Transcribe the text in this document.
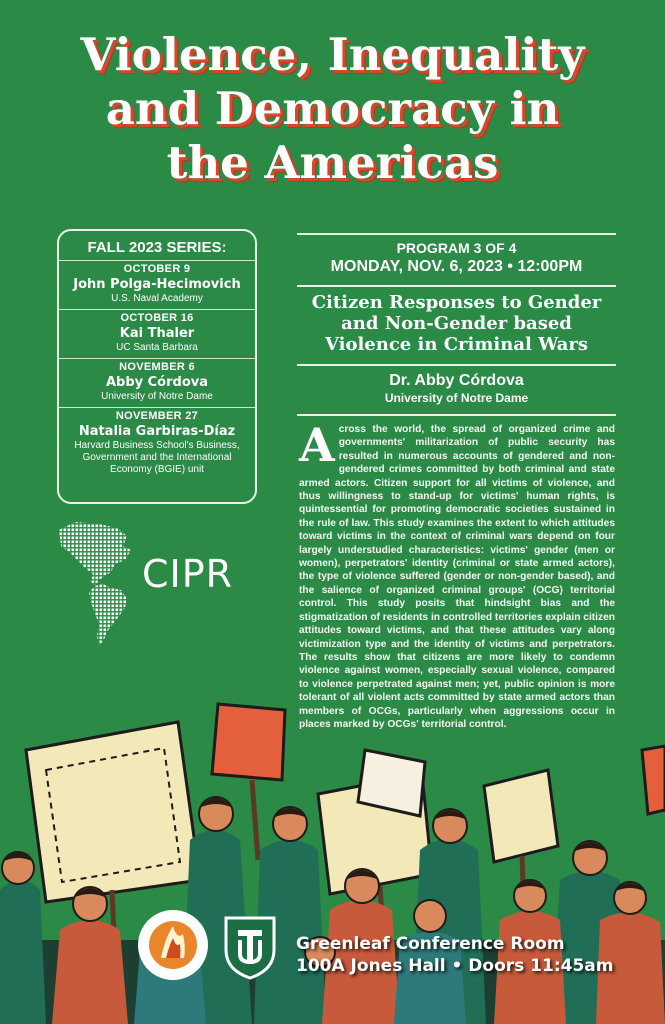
Violence, Inequality
and Democracy in
the Americas
FALL 2023 SERIES:
OCTOBER 9
John Polga-Hecimovich
U.S. Naval Academy
OCTOBER 16
Kai Thaler
UC Santa Barbara
NOVEMBER 6
Abby Córdova
University of Notre Dame
NOVEMBER 27
Natalia Garbiras-Díaz
Harvard Business School's Business, Government and the International Economy (BGIE) unit
CIPR
PROGRAM 3 OF 4
MONDAY, NOV. 6, 2023 • 12:00PM
Citizen Responses to Gender and Non-Gender based Violence in Criminal Wars
Dr. Abby Córdova
University of Notre Dame
Across the world, the spread of organized crime and governments' militarization of public security has resulted in numerous accounts of gendered and non-gendered crimes committed by both criminal and state armed actors. Citizen support for all victims of violence, and thus willingness to stand-up for victims' human rights, is quintessential for promoting democratic societies sustained in the rule of law. This study examines the extent to which attitudes toward victims in the context of criminal wars depend on four largely understudied characteristics: victims' gender (men or women), perpetrators' identity (criminal or state armed actors), the type of violence suffered (gender or non-gender based), and the salience of organized criminal groups' (OCG) territorial control. This study posits that hindsight bias and the stigmatization of residents in controlled territories explain citizen attitudes toward victims, and that these attitudes vary along victimization type and the identity of victims and perpetrators. The results show that citizens are more likely to condemn violence against women, especially sexual violence, compared to violence perpetrated against men; yet, public opinion is more tolerant of all violent acts committed by state armed actors than members of OCGs, particularly when aggressions occur in places marked by OCGs' territorial control.
Greenleaf Conference Room
100A Jones Hall • Doors 11:45am
